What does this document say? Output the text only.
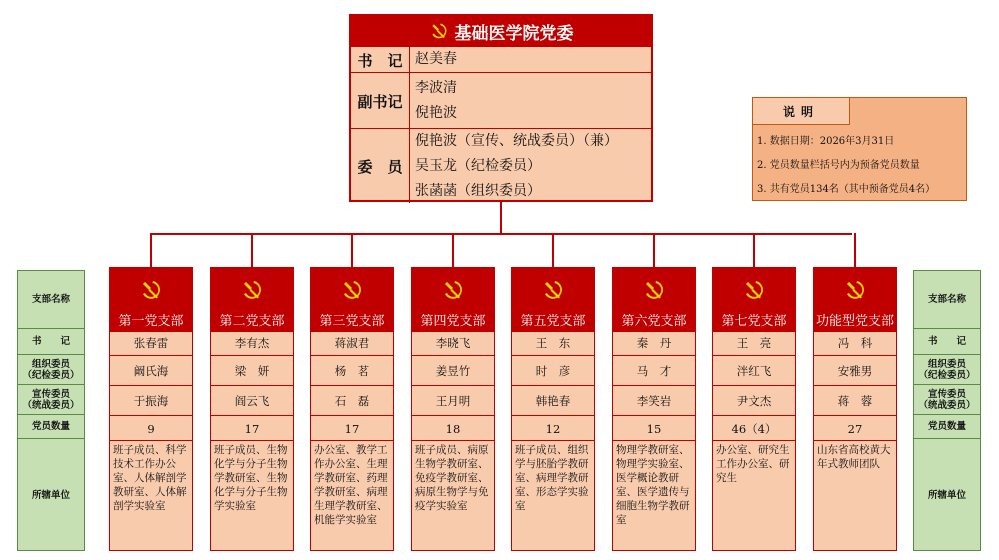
基础医学院党委
书　记 赵美春
副书记
李波清
倪艳波
委　员
倪艳波（宣传、统战委员）（兼）
吴玉龙（纪检委员）
张菡菡（组织委员）
说明
1. 数据日期：2026年3月31日
2. 党员数量栏括号内为预备党员数量
3. 共有党员134名（其中预备党员4名）
支部名称
书　　记
组织委员
（纪检委员）
宣传委员
（统战委员）
党员数量
所辖单位
支部名称
书　　记
组织委员
（纪检委员）
宣传委员
（统战委员）
党员数量
所辖单位
第一党支部
张春雷
阚氏海
于振海
9
班子成员、科学技术工作办公室、人体解剖学教研室、人体解剖学实验室
第二党支部
李有杰
梁　妍
阎云飞
17
班子成员、生物化学与分子生物学教研室、生物化学与分子生物学实验室
第三党支部
蒋淑君
杨　茗
石　磊
17
办公室、教学工作办公室、生理学教研室、药理学教研室、病理生理学教研室、机能学实验室
第四党支部
李晓飞
姜昱竹
王月明
18
班子成员、病原生物学教研室、免疫学教研室、病原生物学与免疫学实验室
第五党支部
王　东
时　彦
韩艳春
12
班子成员、组织学与胚胎学教研室、病理学教研室、形态学实验室
第六党支部
秦　丹
马　才
李笑岩
15
物理学教研室、物理学实验室、医学概论教研室、医学遗传与细胞生物学教研室
第七党支部
王　亮
泮红飞
尹文杰
46（4）
办公室、研究生工作办公室、研究生
功能型党支部
冯　科
安雅男
蒋　蓉
27
山东省高校黄大年式教师团队
